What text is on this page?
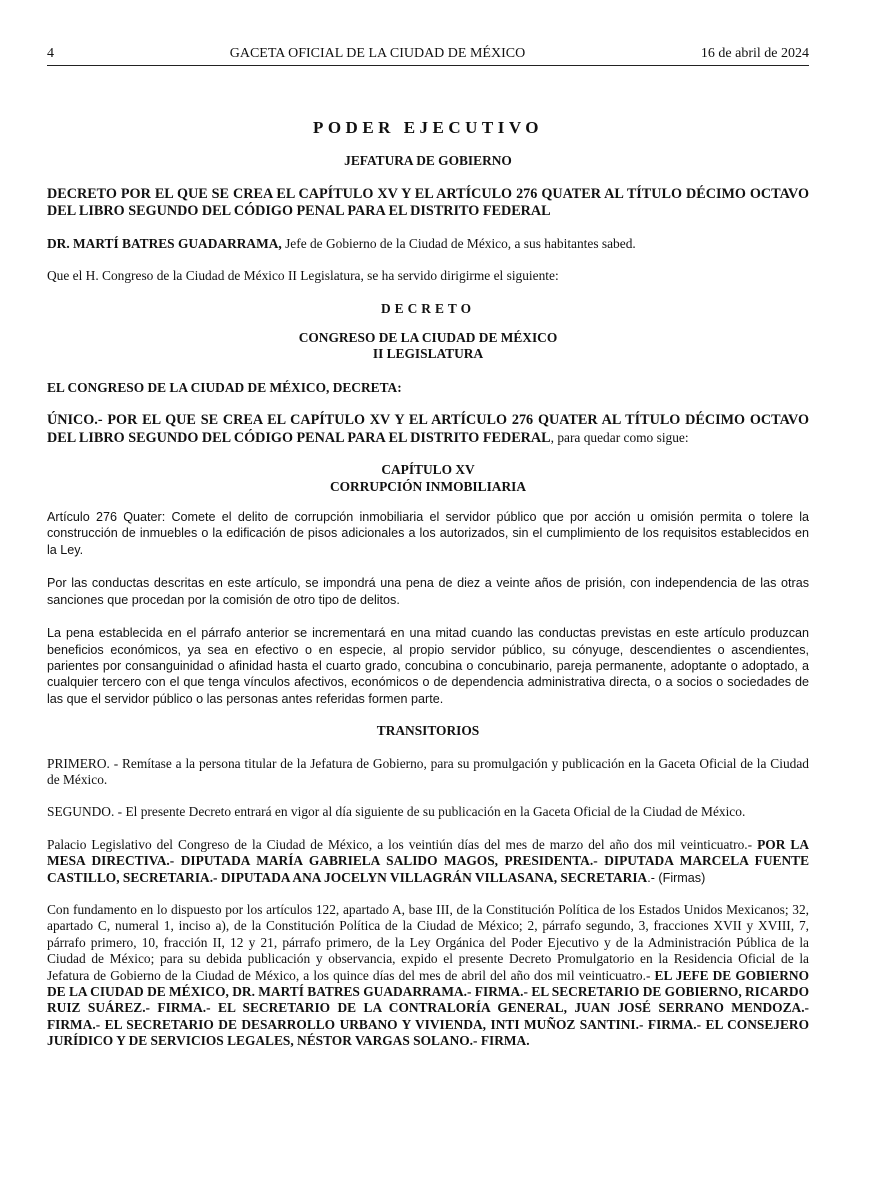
4	GACETA OFICIAL DE LA CIUDAD DE MÉXICO	16 de abril de 2024

PODER EJECUTIVO

JEFATURA DE GOBIERNO

DECRETO POR EL QUE SE CREA EL CAPÍTULO XV Y EL ARTÍCULO 276 QUATER AL TÍTULO DÉCIMO OCTAVO DEL LIBRO SEGUNDO DEL CÓDIGO PENAL PARA EL DISTRITO FEDERAL

DR. MARTÍ BATRES GUADARRAMA, Jefe de Gobierno de la Ciudad de México, a sus habitantes sabed.

Que el H. Congreso de la Ciudad de México II Legislatura, se ha servido dirigirme el siguiente:

DECRETO

CONGRESO DE LA CIUDAD DE MÉXICO

II LEGISLATURA

EL CONGRESO DE LA CIUDAD DE MÉXICO, DECRETA:

ÚNICO.- POR EL QUE SE CREA EL CAPÍTULO XV Y EL ARTÍCULO 276 QUATER AL TÍTULO DÉCIMO OCTAVO DEL LIBRO SEGUNDO DEL CÓDIGO PENAL PARA EL DISTRITO FEDERAL, para quedar como sigue:

CAPÍTULO XV

CORRUPCIÓN INMOBILIARIA

Artículo 276 Quater: Comete el delito de corrupción inmobiliaria el servidor público que por acción u omisión permita o tolere la construcción de inmuebles o la edificación de pisos adicionales a los autorizados, sin el cumplimiento de los requisitos establecidos en la Ley.

Por las conductas descritas en este artículo, se impondrá una pena de diez a veinte años de prisión, con independencia de las otras sanciones que procedan por la comisión de otro tipo de delitos.

La pena establecida en el párrafo anterior se incrementará en una mitad cuando las conductas previstas en este artículo produzcan beneficios económicos, ya sea en efectivo o en especie, al propio servidor público, su cónyuge, descendientes o ascendientes, parientes por consanguinidad o afinidad hasta el cuarto grado, concubina o concubinario, pareja permanente, adoptante o adoptado, a cualquier tercero con el que tenga vínculos afectivos, económicos o de dependencia administrativa directa, o a socios o sociedades de las que el servidor público o las personas antes referidas formen parte.

TRANSITORIOS

PRIMERO. - Remítase a la persona titular de la Jefatura de Gobierno, para su promulgación y publicación en la Gaceta Oficial de la Ciudad de México.

SEGUNDO. - El presente Decreto entrará en vigor al día siguiente de su publicación en la Gaceta Oficial de la Ciudad de México.

Palacio Legislativo del Congreso de la Ciudad de México, a los veintiún días del mes de marzo del año dos mil veinticuatro.- POR LA MESA DIRECTIVA.- DIPUTADA MARÍA GABRIELA SALIDO MAGOS, PRESIDENTA.- DIPUTADA MARCELA FUENTE CASTILLO, SECRETARIA.- DIPUTADA ANA JOCELYN VILLAGRÁN VILLASANA, SECRETARIA.- (Firmas)

Con fundamento en lo dispuesto por los artículos 122, apartado A, base III, de la Constitución Política de los Estados Unidos Mexicanos; 32, apartado C, numeral 1, inciso a), de la Constitución Política de la Ciudad de México; 2, párrafo segundo, 3, fracciones XVII y XVIII, 7, párrafo primero, 10, fracción II, 12 y 21, párrafo primero, de la Ley Orgánica del Poder Ejecutivo y de la Administración Pública de la Ciudad de México; para su debida publicación y observancia, expido el presente Decreto Promulgatorio en la Residencia Oficial de la Jefatura de Gobierno de la Ciudad de México, a los quince días del mes de abril del año dos mil veinticuatro.- EL JEFE DE GOBIERNO DE LA CIUDAD DE MÉXICO, DR. MARTÍ BATRES GUADARRAMA.- FIRMA.- EL SECRETARIO DE GOBIERNO, RICARDO RUIZ SUÁREZ.- FIRMA.- EL SECRETARIO DE LA CONTRALORÍA GENERAL, JUAN JOSÉ SERRANO MENDOZA.- FIRMA.- EL SECRETARIO DE DESARROLLO URBANO Y VIVIENDA, INTI MUÑOZ SANTINI.- FIRMA.- EL CONSEJERO JURÍDICO Y DE SERVICIOS LEGALES, NÉSTOR VARGAS SOLANO.- FIRMA.
